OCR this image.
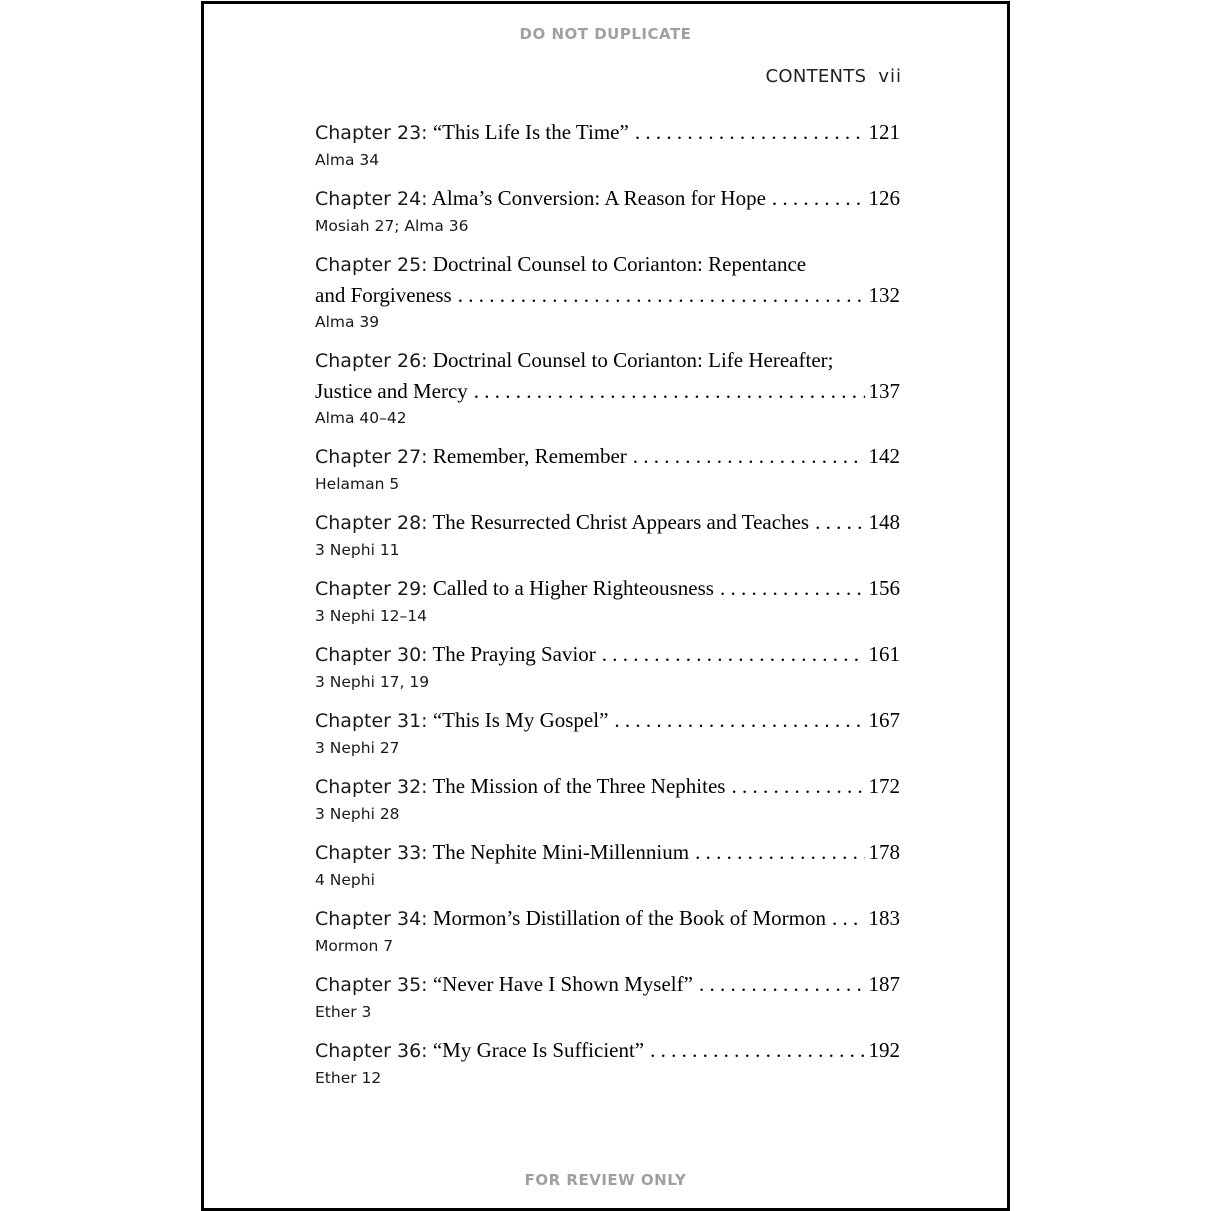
DO NOT DUPLICATE
CONTENTS vii
Chapter 23: “This Life Is the Time” . . .	121
Alma 34
Chapter 24: Alma’s Conversion: A Reason for Hope . . .	126
Mosiah 27; Alma 36
Chapter 25: Doctrinal Counsel to Corianton: Repentance
and Forgiveness . . .	132
Alma 39
Chapter 26: Doctrinal Counsel to Corianton: Life Hereafter;
Justice and Mercy . . .	137
Alma 40–42
Chapter 27: Remember, Remember . . .	142
Helaman 5
Chapter 28: The Resurrected Christ Appears and Teaches . . .	148
3 Nephi 11
Chapter 29: Called to a Higher Righteousness . . .	156
3 Nephi 12–14
Chapter 30: The Praying Savior . . .	161
3 Nephi 17, 19
Chapter 31: “This Is My Gospel” . . .	167
3 Nephi 27
Chapter 32: The Mission of the Three Nephites . . .	172
3 Nephi 28
Chapter 33: The Nephite Mini-Millennium . . .	178
4 Nephi
Chapter 34: Mormon’s Distillation of the Book of Mormon . . . 183
Mormon 7
Chapter 35: “Never Have I Shown Myself” . . .	187
Ether 3
Chapter 36: “My Grace Is Sufficient” . . .	192
Ether 12
FOR REVIEW ONLY
